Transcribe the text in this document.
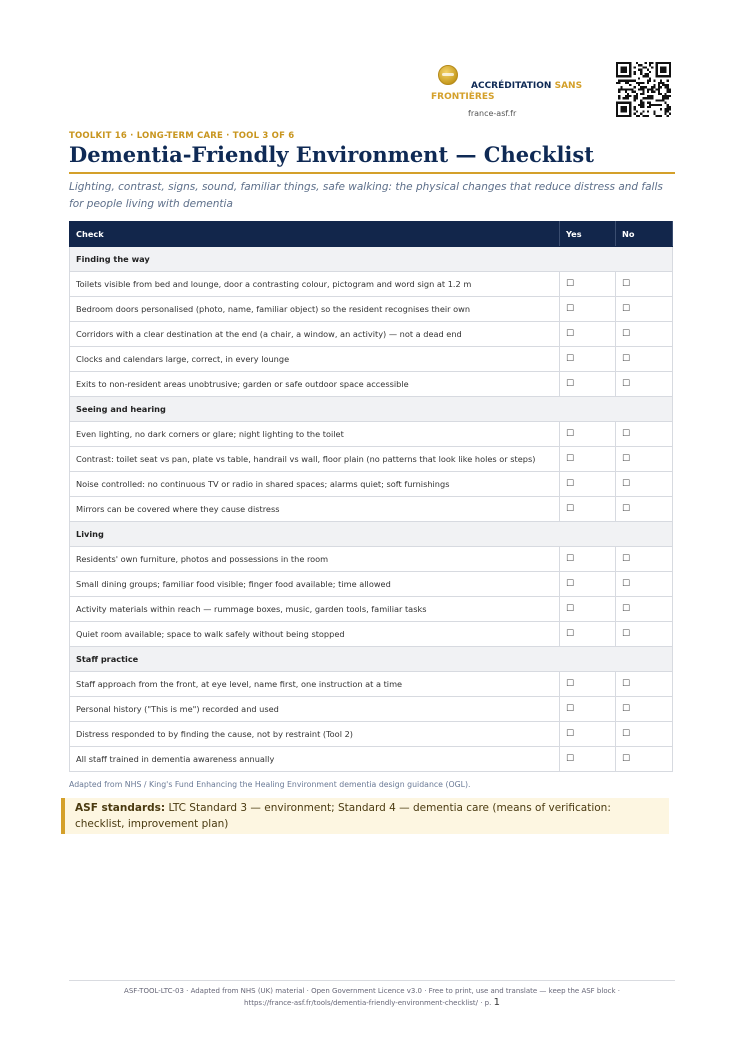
ACCRÉDITATION SANS FRONTIÈRES
france-asf.fr
TOOLKIT 16 · LONG-TERM CARE · TOOL 3 OF 6
Dementia-Friendly Environment — Checklist
Lighting, contrast, signs, sound, familiar things, safe walking: the physical changes that reduce distress and falls for people living with dementia
Check	Yes	No
Finding the way		
Toilets visible from bed and lounge, door a contrasting colour, pictogram and word sign at 1.2 m	☐	☐
Bedroom doors personalised (photo, name, familiar object) so the resident recognises their own	☐	☐
Corridors with a clear destination at the end (a chair, a window, an activity) — not a dead end	☐	☐
Clocks and calendars large, correct, in every lounge	☐	☐
Exits to non-resident areas unobtrusive; garden or safe outdoor space accessible	☐	☐
Seeing and hearing		
Even lighting, no dark corners or glare; night lighting to the toilet	☐	☐
Contrast: toilet seat vs pan, plate vs table, handrail vs wall, floor plain (no patterns that look like holes or steps)	☐	☐
Noise controlled: no continuous TV or radio in shared spaces; alarms quiet; soft furnishings	☐	☐
Mirrors can be covered where they cause distress	☐	☐
Living		
Residents' own furniture, photos and possessions in the room	☐	☐
Small dining groups; familiar food visible; finger food available; time allowed	☐	☐
Activity materials within reach — rummage boxes, music, garden tools, familiar tasks	☐	☐
Quiet room available; space to walk safely without being stopped	☐	☐
Staff practice		
Staff approach from the front, at eye level, name first, one instruction at a time	☐	☐
Personal history ("This is me") recorded and used	☐	☐
Distress responded to by finding the cause, not by restraint (Tool 2)	☐	☐
All staff trained in dementia awareness annually	☐	☐
Adapted from NHS / King's Fund Enhancing the Healing Environment dementia design guidance (OGL).
ASF standards: LTC Standard 3 — environment; Standard 4 — dementia care (means of verification: checklist, improvement plan)
ASF-TOOL-LTC-03 · Adapted from NHS (UK) material · Open Government Licence v3.0 · Free to print, use and translate — keep the ASF block ·
https://france-asf.fr/tools/dementia-friendly-environment-checklist/ · p. 1
